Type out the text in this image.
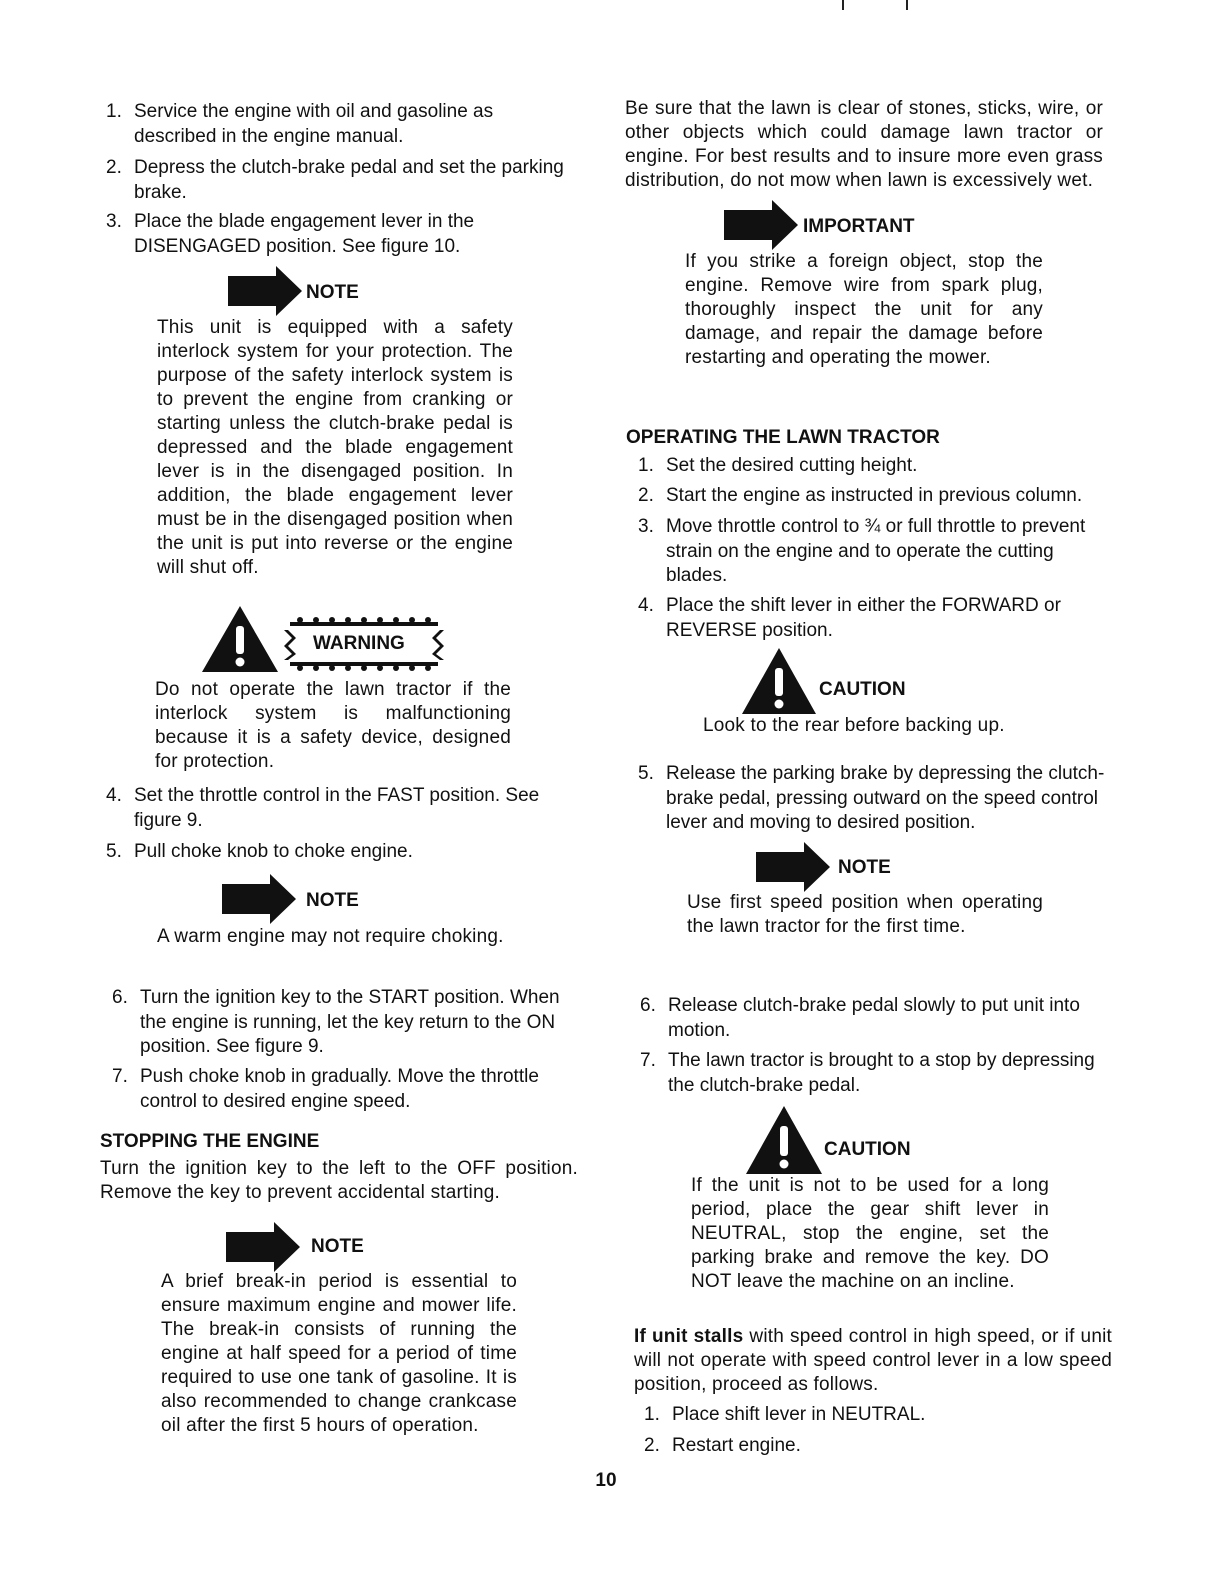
1. Service the engine with oil and gasoline as described in the engine manual.
2. Depress the clutch-brake pedal and set the parking brake.
3. Place the blade engagement lever in the DISENGAGED position. See figure 10.
NOTE
This unit is equipped with a safety interlock system for your protection. The purpose of the safety interlock system is to prevent the engine from cranking or starting unless the clutch-brake pedal is depressed and the blade engagement lever is in the disengaged position. In addition, the blade engagement lever must be in the disengaged position when the unit is put into reverse or the engine will shut off.
WARNING
Do not operate the lawn tractor if the interlock system is malfunctioning because it is a safety device, designed for protection.
4. Set the throttle control in the FAST position. See figure 9.
5. Pull choke knob to choke engine.
NOTE
A warm engine may not require choking.
6. Turn the ignition key to the START position. When the engine is running, let the key return to the ON position. See figure 9.
7. Push choke knob in gradually. Move the throttle control to desired engine speed.
STOPPING THE ENGINE
Turn the ignition key to the left to the OFF position. Remove the key to prevent accidental starting.
NOTE
A brief break-in period is essential to ensure maximum engine and mower life. The break-in consists of running the engine at half speed for a period of time required to use one tank of gasoline. It is also recommended to change crankcase oil after the first 5 hours of operation.
Be sure that the lawn is clear of stones, sticks, wire, or other objects which could damage lawn tractor or engine. For best results and to insure more even grass distribution, do not mow when lawn is excessively wet.
IMPORTANT
If you strike a foreign object, stop the engine. Remove wire from spark plug, thoroughly inspect the unit for any damage, and repair the damage before restarting and operating the mower.
OPERATING THE LAWN TRACTOR
1. Set the desired cutting height.
2. Start the engine as instructed in previous column.
3. Move throttle control to ¾ or full throttle to prevent strain on the engine and to operate the cutting blades.
4. Place the shift lever in either the FORWARD or REVERSE position.
CAUTION
Look to the rear before backing up.
5. Release the parking brake by depressing the clutch-brake pedal, pressing outward on the speed control lever and moving to desired position.
NOTE
Use first speed position when operating the lawn tractor for the first time.
6. Release clutch-brake pedal slowly to put unit into motion.
7. The lawn tractor is brought to a stop by depressing the clutch-brake pedal.
CAUTION
If the unit is not to be used for a long period, place the gear shift lever in NEUTRAL, stop the engine, set the parking brake and remove the key. DO NOT leave the machine on an incline.
If unit stalls with speed control in high speed, or if unit will not operate with speed control lever in a low speed position, proceed as follows.
1. Place shift lever in NEUTRAL.
2. Restart engine.
10
